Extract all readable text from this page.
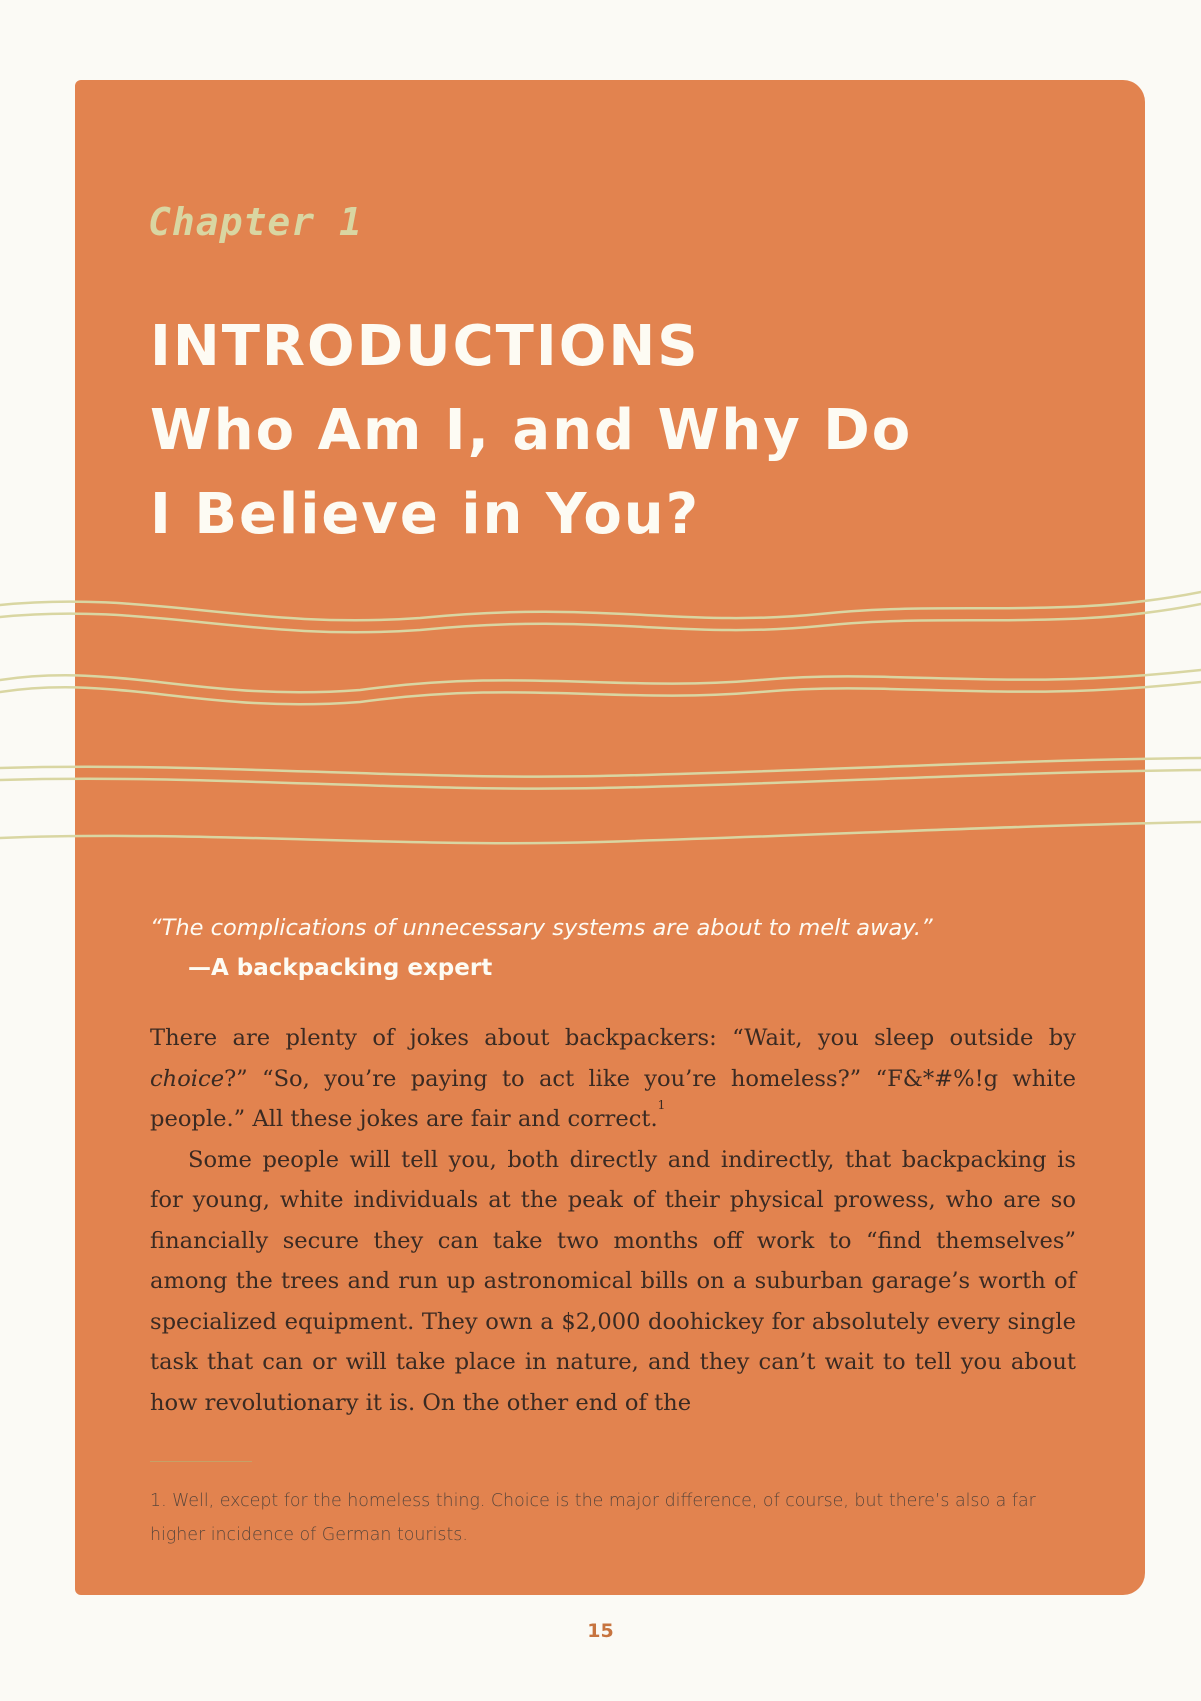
Chapter 1
INTRODUCTIONS
Who Am I, and Why Do
I Believe in You?
“The complications of unnecessary systems are about to melt away.”
—A backpacking expert

There are plenty of jokes about backpackers: “Wait, you sleep outside by choice?” “So, you’re paying to act like you’re homeless?” “F&*#%!g white people.” All these jokes are fair and correct.$^1$

Some people will tell you, both directly and indirectly, that backpacking is for young, white individuals at the peak of their physical prowess, who are so financially secure they can take two months off work to “find themselves” among the trees and run up astronomical bills on a suburban garage’s worth of specialized equipment. They own a $2,000 doohickey for absolutely every single task that can or will take place in nature, and they can’t wait to tell you about how revolutionary it is. On the other end of the

1. Well, except for the homeless thing. Choice is the major difference, of course, but there’s also a far higher incidence of German tourists.

15
